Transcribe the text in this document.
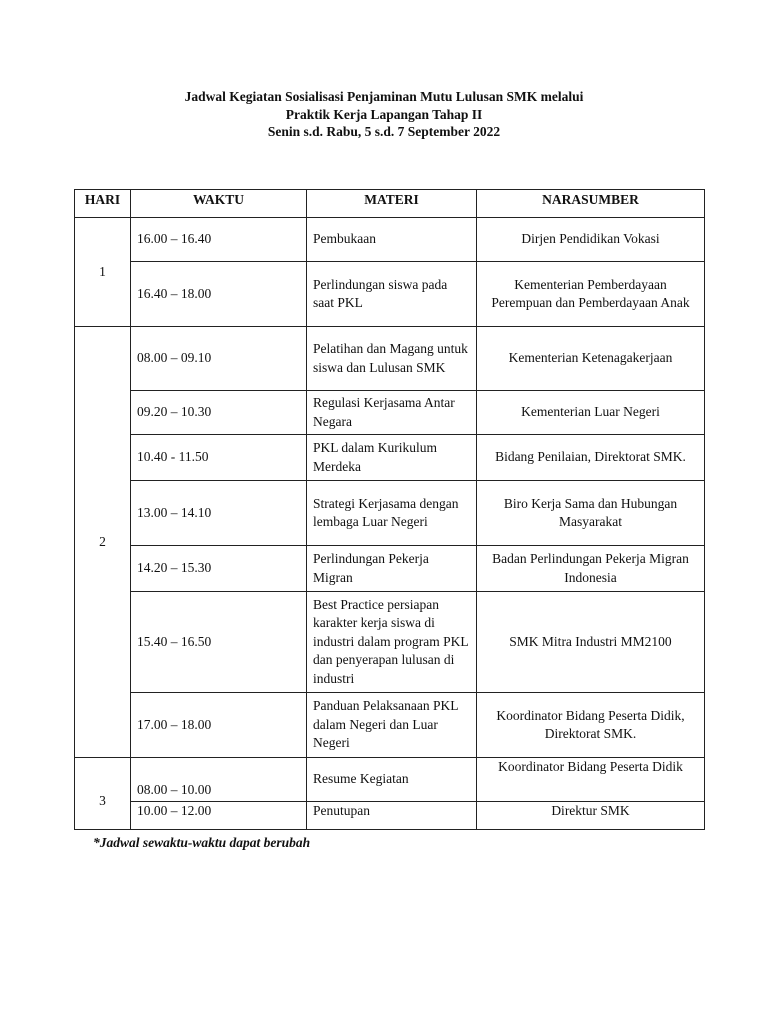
Jadwal Kegiatan Sosialisasi Penjaminan Mutu Lulusan SMK melalui
Praktik Kerja Lapangan Tahap II
Senin s.d. Rabu, 5 s.d. 7 September 2022
HARI	WAKTU	MATERI	NARASUMBER
1	16.00 – 16.40	Pembukaan	Dirjen Pendidikan Vokasi
	16.40 – 18.00	Perlindungan siswa pada saat PKL	Kementerian Pemberdayaan Perempuan dan Pemberdayaan Anak
2	08.00 – 09.10	Pelatihan dan Magang untuk siswa dan Lulusan SMK	Kementerian Ketenagakerjaan
	09.20 – 10.30	Regulasi Kerjasama Antar Negara	Kementerian Luar Negeri
	10.40 - 11.50	PKL dalam Kurikulum Merdeka	Bidang Penilaian, Direktorat SMK.
	13.00 – 14.10	Strategi Kerjasama dengan lembaga Luar Negeri	Biro Kerja Sama dan Hubungan Masyarakat
	14.20 – 15.30	Perlindungan Pekerja Migran	Badan Perlindungan Pekerja Migran Indonesia
	15.40 – 16.50	Best Practice persiapan karakter kerja siswa di industri dalam program PKL dan penyerapan lulusan di industri	SMK Mitra Industri MM2100
	17.00 – 18.00	Panduan Pelaksanaan PKL dalam Negeri dan Luar Negeri	Koordinator Bidang Peserta Didik, Direktorat SMK.
3	08.00 – 10.00	Resume Kegiatan	Koordinator Bidang Peserta Didik
	10.00 – 12.00	Penutupan	Direktur SMK
*Jadwal sewaktu-waktu dapat berubah
